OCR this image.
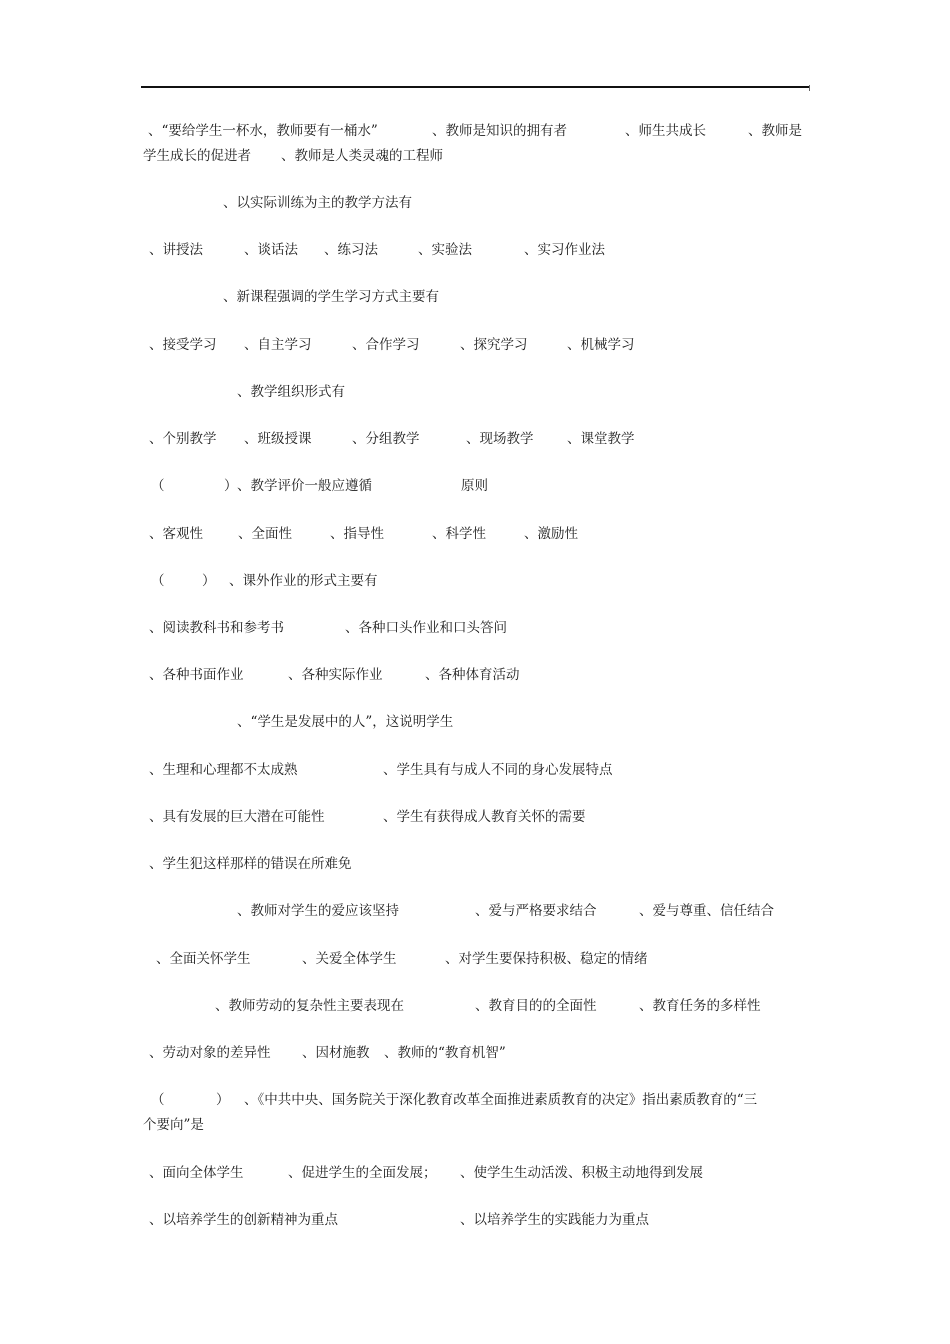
、“要给学生一杯水，教师要有一桶水”	、教师是知识的拥有者	、师生共成长	、教师是
学生成长的促进者 、教师是人类灵魂的工程师
、以实际训练为主的教学方法有
、讲授法	、谈话法 、练习法	、实验法	、实习作业法
、新课程强调的学生学习方式主要有
、接受学习 、自主学习	、合作学习	、探究学习	、机械学习
、教学组织形式有
、个别教学 、班级授课	、分组教学	、现场教学 、课堂教学
（	） 、教学评价一般应遵循	原则
、客观性	、全面性	、指导性	、科学性	、激励性
（	） 、课外作业的形式主要有
、阅读教科书和参考书	、各种口头作业和口头答问
、各种书面作业	、各种实际作业	、各种体育活动
、“学生是发展中的人”，这说明学生
、生理和心理都不太成熟	、学生具有与成人不同的身心发展特点
、具有发展的巨大潜在可能性	、学生有获得成人教育关怀的需要
、学生犯这样那样的错误在所难免
、教师对学生的爱应该坚持	、爱与严格要求结合	、爱与尊重、信任结合
、全面关怀学生	、关爱全体学生	、对学生要保持积极、稳定的情绪
、教师劳动的复杂性主要表现在	、教育目的的全面性	、教育任务的多样性
、劳动对象的差异性 、因材施教 、教师的“教育机智”
（	） 、《中共中央、国务院关于深化教育改革全面推进素质教育的决定》指出素质教育的“三
个要向”是
、面向全体学生	、促进学生的全面发展； 、使学生生动活泼、积极主动地得到发展
、以培养学生的创新精神为重点	、以培养学生的实践能力为重点
